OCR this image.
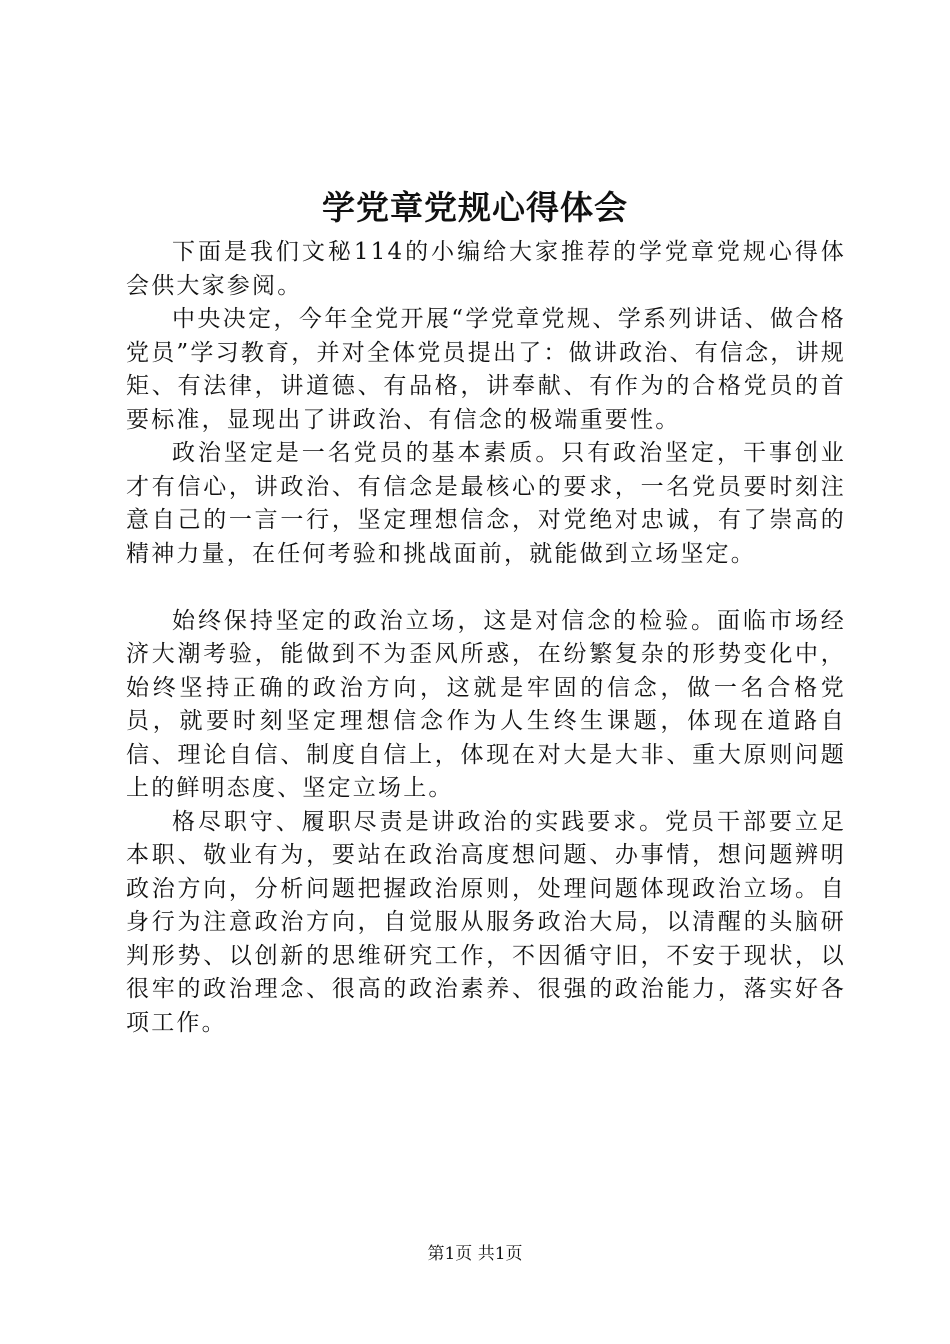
学党章党规心得体会

下面是我们文秘114的小编给大家推荐的学党章党规心得体会供大家参阅。

中央决定，今年全党开展“学党章党规、学系列讲话、做合格党员”学习教育，并对全体党员提出了：做讲政治、有信念，讲规矩、有法律，讲道德、有品格，讲奉献、有作为的合格党员的首要标准，显现出了讲政治、有信念的极端重要性。

政治坚定是一名党员的基本素质。只有政治坚定，干事创业才有信心，讲政治、有信念是最核心的要求，一名党员要时刻注意自己的一言一行，坚定理想信念，对党绝对忠诚，有了崇高的精神力量，在任何考验和挑战面前，就能做到立场坚定。

始终保持坚定的政治立场，这是对信念的检验。面临市场经济大潮考验，能做到不为歪风所惑，在纷繁复杂的形势变化中，始终坚持正确的政治方向，这就是牢固的信念，做一名合格党员，就要时刻坚定理想信念作为人生终生课题，体现在道路自信、理论自信、制度自信上，体现在对大是大非、重大原则问题上的鲜明态度、坚定立场上。

格尽职守、履职尽责是讲政治的实践要求。党员干部要立足本职、敬业有为，要站在政治高度想问题、办事情，想问题辨明政治方向，分析问题把握政治原则，处理问题体现政治立场。自身行为注意政治方向，自觉服从服务政治大局，以清醒的头脑研判形势、以创新的思维研究工作，不因循守旧，不安于现状，以很牢的政治理念、很高的政治素养、很强的政治能力，落实好各项工作。

第1页 共1页
